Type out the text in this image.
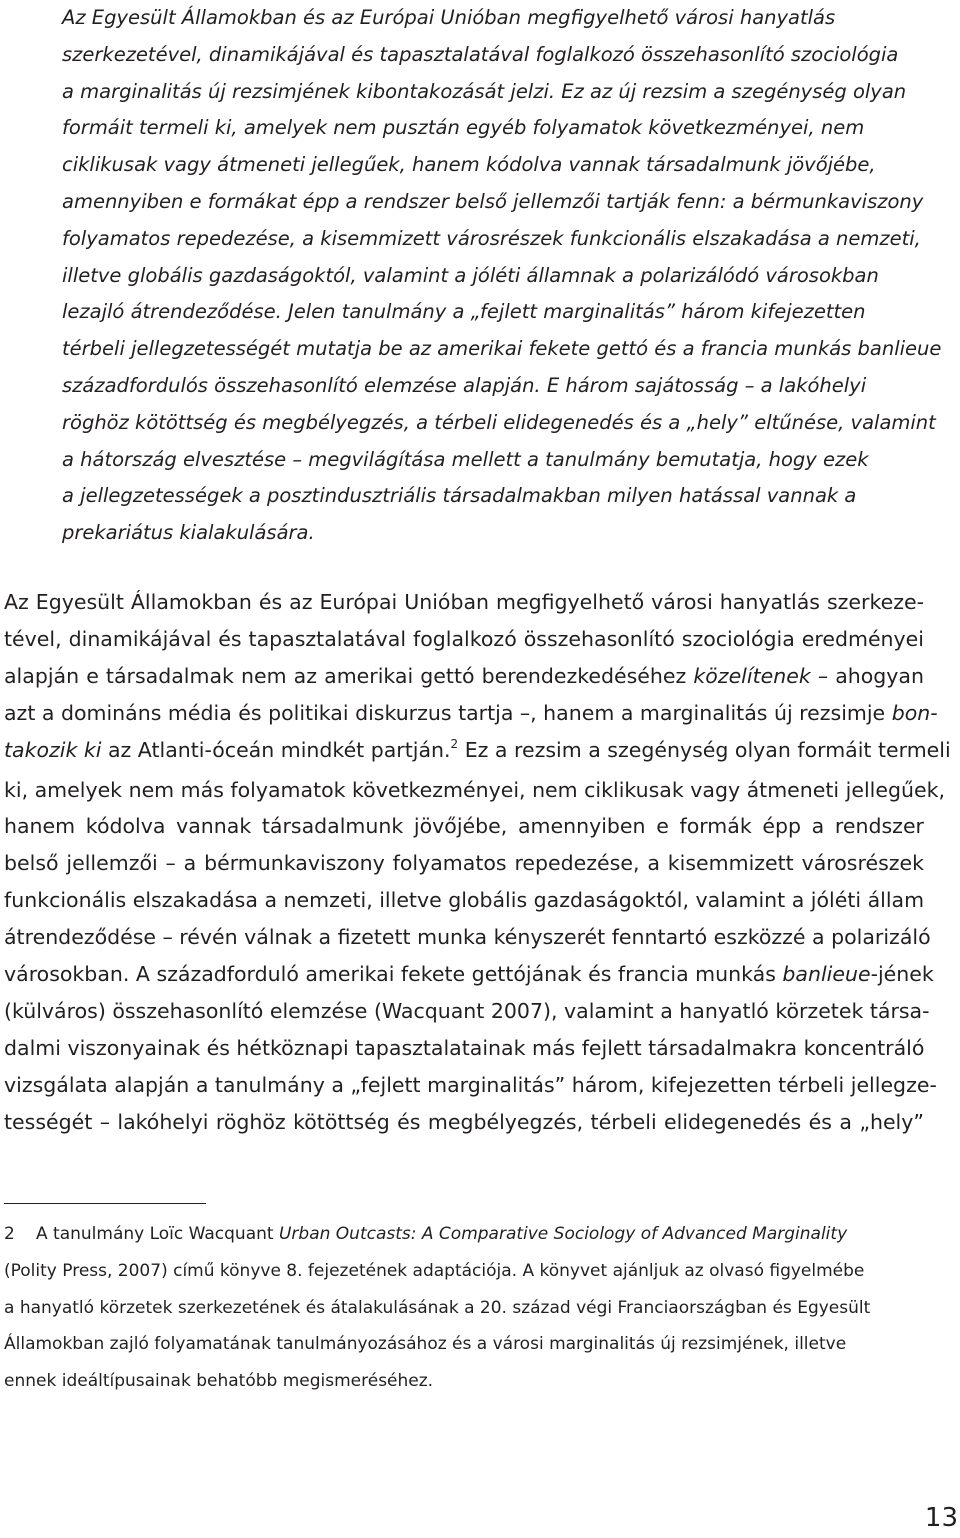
Az Egyesült Államokban és az Európai Unióban megfigyelhető városi hanyatlás
szerkezetével, dinamikájával és tapasztalatával foglalkozó összehasonlító szociológia
a marginalitás új rezsimjének kibontakozását jelzi. Ez az új rezsim a szegénység olyan
formáit termeli ki, amelyek nem pusztán egyéb folyamatok következményei, nem
ciklikusak vagy átmeneti jellegűek, hanem kódolva vannak társadalmunk jövőjébe,
amennyiben e formákat épp a rendszer belső jellemzői tartják fenn: a bérmunkaviszony
folyamatos repedezése, a kisemmizett városrészek funkcionális elszakadása a nemzeti,
illetve globális gazdaságoktól, valamint a jóléti államnak a polarizálódó városokban
lezajló átrendeződése. Jelen tanulmány a „fejlett marginalitás” három kifejezetten
térbeli jellegzetességét mutatja be az amerikai fekete gettó és a francia munkás banlieue
századfordulós összehasonlító elemzése alapján. E három sajátosság – a lakóhelyi
röghöz kötöttség és megbélyegzés, a térbeli elidegenedés és a „hely” eltűnése, valamint
a hátország elvesztése – megvilágítása mellett a tanulmány bemutatja, hogy ezek
a jellegzetességek a posztindusztriális társadalmakban milyen hatással vannak a
prekariátus kialakulására.
Az Egyesült Államokban és az Európai Unióban megfigyelhető városi hanyatlás szerkeze-
tével, dinamikájával és tapasztalatával foglalkozó összehasonlító szociológia eredményei
alapján e társadalmak nem az amerikai gettó berendezkedéséhez közelítenek – ahogyan
azt a domináns média és politikai diskurzus tartja –, hanem a marginalitás új rezsimje bon-
takozik ki az Atlanti-óceán mindkét partján.$^2$ Ez a rezsim a szegénység olyan formáit termeli
ki, amelyek nem más folyamatok következményei, nem ciklikusak vagy átmeneti jellegűek,
hanem kódolva vannak társadalmunk jövőjébe, amennyiben e formák épp a rendszer
belső jellemzői – a bérmunkaviszony folyamatos repedezése, a kisemmizett városrészek
funkcionális elszakadása a nemzeti, illetve globális gazdaságoktól, valamint a jóléti állam
átrendeződése – révén válnak a fizetett munka kényszerét fenntartó eszközzé a polarizáló
városokban. A századforduló amerikai fekete gettójának és francia munkás banlieue-jének
(külváros) összehasonlító elemzése (Wacquant 2007), valamint a hanyatló körzetek társa-
dalmi viszonyainak és hétköznapi tapasztalatainak más fejlett társadalmakra koncentráló
vizsgálata alapján a tanulmány a „fejlett marginalitás” három, kifejezetten térbeli jellegze-
tességét – lakóhelyi röghöz kötöttség és megbélyegzés, térbeli elidegenedés és a „hely”
2 A tanulmány Loïc Wacquant Urban Outcasts: A Comparative Sociology of Advanced Marginality
(Polity Press, 2007) című könyve 8. fejezetének adaptációja. A könyvet ajánljuk az olvasó figyelmébe
a hanyatló körzetek szerkezetének és átalakulásának a 20. század végi Franciaországban és Egyesült
Államokban zajló folyamatának tanulmányozásához és a városi marginalitás új rezsimjének, illetve
ennek ideáltípusainak behatóbb megismeréséhez.
13
